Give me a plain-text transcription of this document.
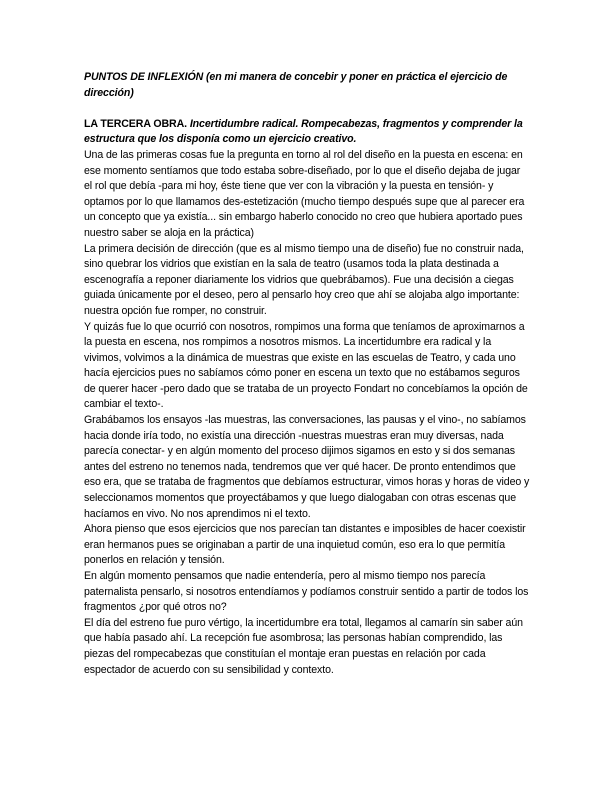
PUNTOS DE INFLEXIÓN (en mi manera de concebir y poner en práctica el ejercicio de dirección)

LA TERCERA OBRA. Incertidumbre radical. Rompecabezas, fragmentos y comprender la estructura que los disponía como un ejercicio creativo.

Una de las primeras cosas fue la pregunta en torno al rol del diseño en la puesta en escena: en ese momento sentíamos que todo estaba sobre-diseñado, por lo que el diseño dejaba de jugar el rol que debía -para mi hoy, éste tiene que ver con la vibración y la puesta en tensión- y optamos por lo que llamamos des-estetización (mucho tiempo después supe que al parecer era un concepto que ya existía... sin embargo haberlo conocido no creo que hubiera aportado pues nuestro saber se aloja en la práctica)

La primera decisión de dirección (que es al mismo tiempo una de diseño) fue no construir nada, sino quebrar los vidrios que existían en la sala de teatro (usamos toda la plata destinada a escenografía a reponer diariamente los vidrios que quebrábamos). Fue una decisión a ciegas guiada únicamente por el deseo, pero al pensarlo hoy creo que ahí se alojaba algo importante: nuestra opción fue romper, no construir.

Y quizás fue lo que ocurrió con nosotros, rompimos una forma que teníamos de aproximarnos a la puesta en escena, nos rompimos a nosotros mismos. La incertidumbre era radical y la vivimos, volvimos a la dinámica de muestras que existe en las escuelas de Teatro, y cada uno hacía ejercicios pues no sabíamos cómo poner en escena un texto que no estábamos seguros de querer hacer -pero dado que se trataba de un proyecto Fondart no concebíamos la opción de cambiar el texto-.

Grabábamos los ensayos -las muestras, las conversaciones, las pausas y el vino-, no sabíamos hacia donde iría todo, no existía una dirección -nuestras muestras eran muy diversas, nada parecía conectar- y en algún momento del proceso dijimos sigamos en esto y si dos semanas antes del estreno no tenemos nada, tendremos que ver qué hacer. De pronto entendimos que eso era, que se trataba de fragmentos que debíamos estructurar, vimos horas y horas de video y seleccionamos momentos que proyectábamos y que luego dialogaban con otras escenas que hacíamos en vivo. No nos aprendimos ni el texto.

Ahora pienso que esos ejercicios que nos parecían tan distantes e imposibles de hacer coexistir eran hermanos pues se originaban a partir de una inquietud común, eso era lo que permitía ponerlos en relación y tensión.

En algún momento pensamos que nadie entendería, pero al mismo tiempo nos parecía paternalista pensarlo, si nosotros entendíamos y podíamos construir sentido a partir de todos los fragmentos ¿por qué otros no?

El día del estreno fue puro vértigo, la incertidumbre era total, llegamos al camarín sin saber aún que había pasado ahí. La recepción fue asombrosa; las personas habían comprendido, las piezas del rompecabezas que constituían el montaje eran puestas en relación por cada espectador de acuerdo con su sensibilidad y contexto.
